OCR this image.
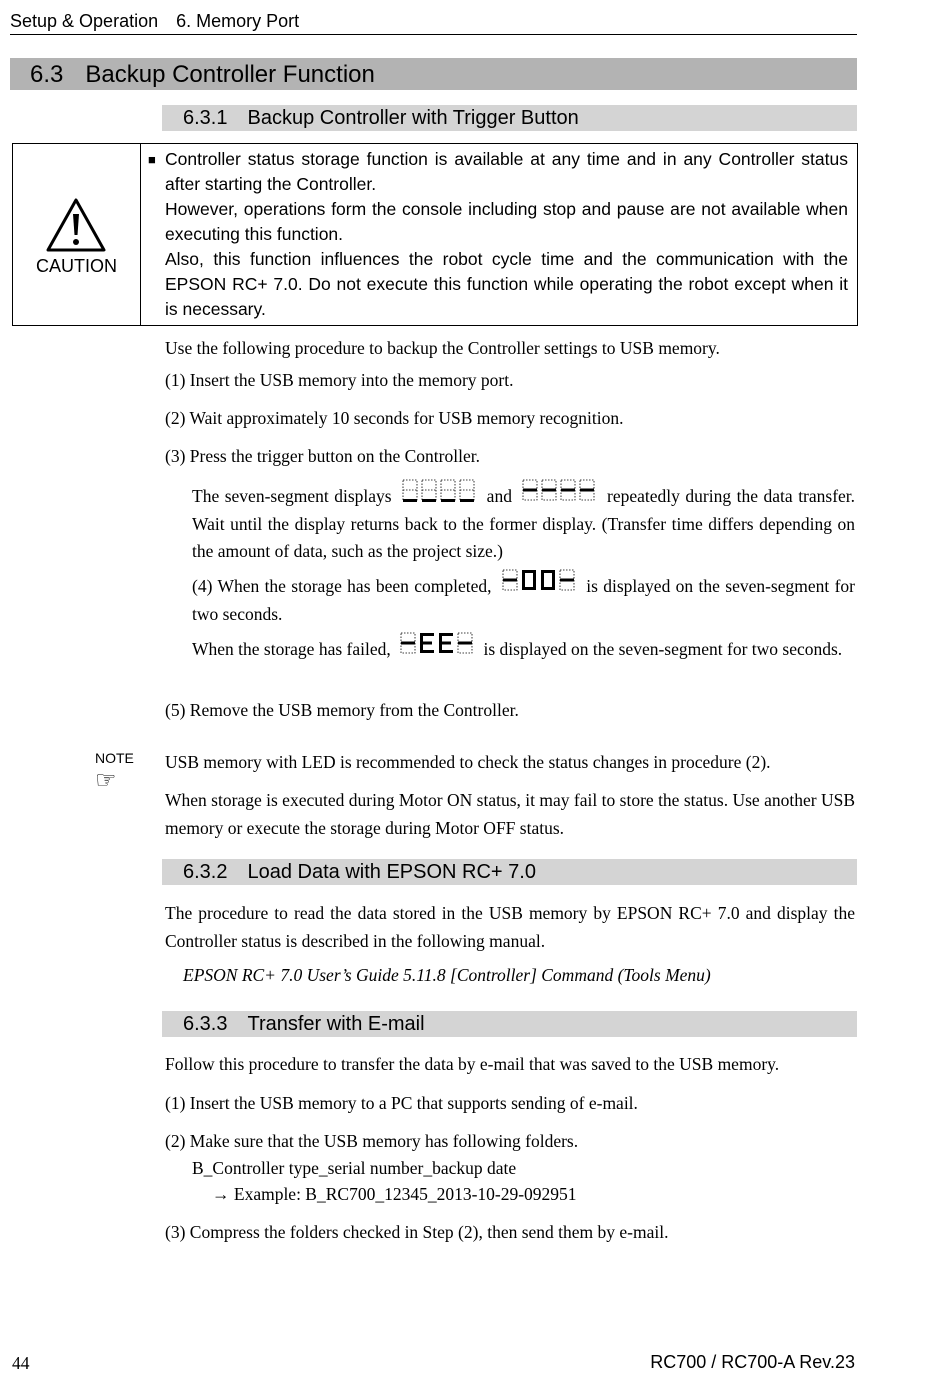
Setup & Operation 6. Memory Port
6.3 Backup Controller Function
6.3.1 Backup Controller with Trigger Button
CAUTION
■ Controller status storage function is available at any time and in any Controller status after starting the Controller.

However, operations form the console including stop and pause are not available when executing this function.

Also, this function influences the robot cycle time and the communication with the EPSON RC+ 7.0. Do not execute this function while operating the robot except when it is necessary.

Use the following procedure to backup the Controller settings to USB memory.
(1) Insert the USB memory into the memory port.
(2) Wait approximately 10 seconds for USB memory recognition.
(3) Press the trigger button on the Controller.
The seven-segment displays	and	repeatedly during the data transfer. Wait until the display returns back to the former display. (Transfer time differs depending on the amount of data, such as the project size.)
(4) When the storage has been completed,	is displayed on the seven-segment for two seconds.
When the storage has failed,	is displayed on the seven-segment for two seconds.
(5) Remove the USB memory from the Controller.
NOTE
☞
USB memory with LED is recommended to check the status changes in procedure (2).
When storage is executed during Motor ON status, it may fail to store the status. Use another USB memory or execute the storage during Motor OFF status.
6.3.2 Load Data with EPSON RC+ 7.0
The procedure to read the data stored in the USB memory by EPSON RC+ 7.0 and display the Controller status is described in the following manual.
EPSON RC+ 7.0 User’s Guide 5.11.8 [Controller] Command (Tools Menu)
6.3.3 Transfer with E-mail
Follow this procedure to transfer the data by e-mail that was saved to the USB memory.
(1) Insert the USB memory to a PC that supports sending of e-mail.
(2) Make sure that the USB memory has following folders.
B_Controller type_serial number_backup date
→ Example: B_RC700_12345_2013-10-29-092951
(3) Compress the folders checked in Step (2), then send them by e-mail.
44	RC700 / RC700-A Rev.23
